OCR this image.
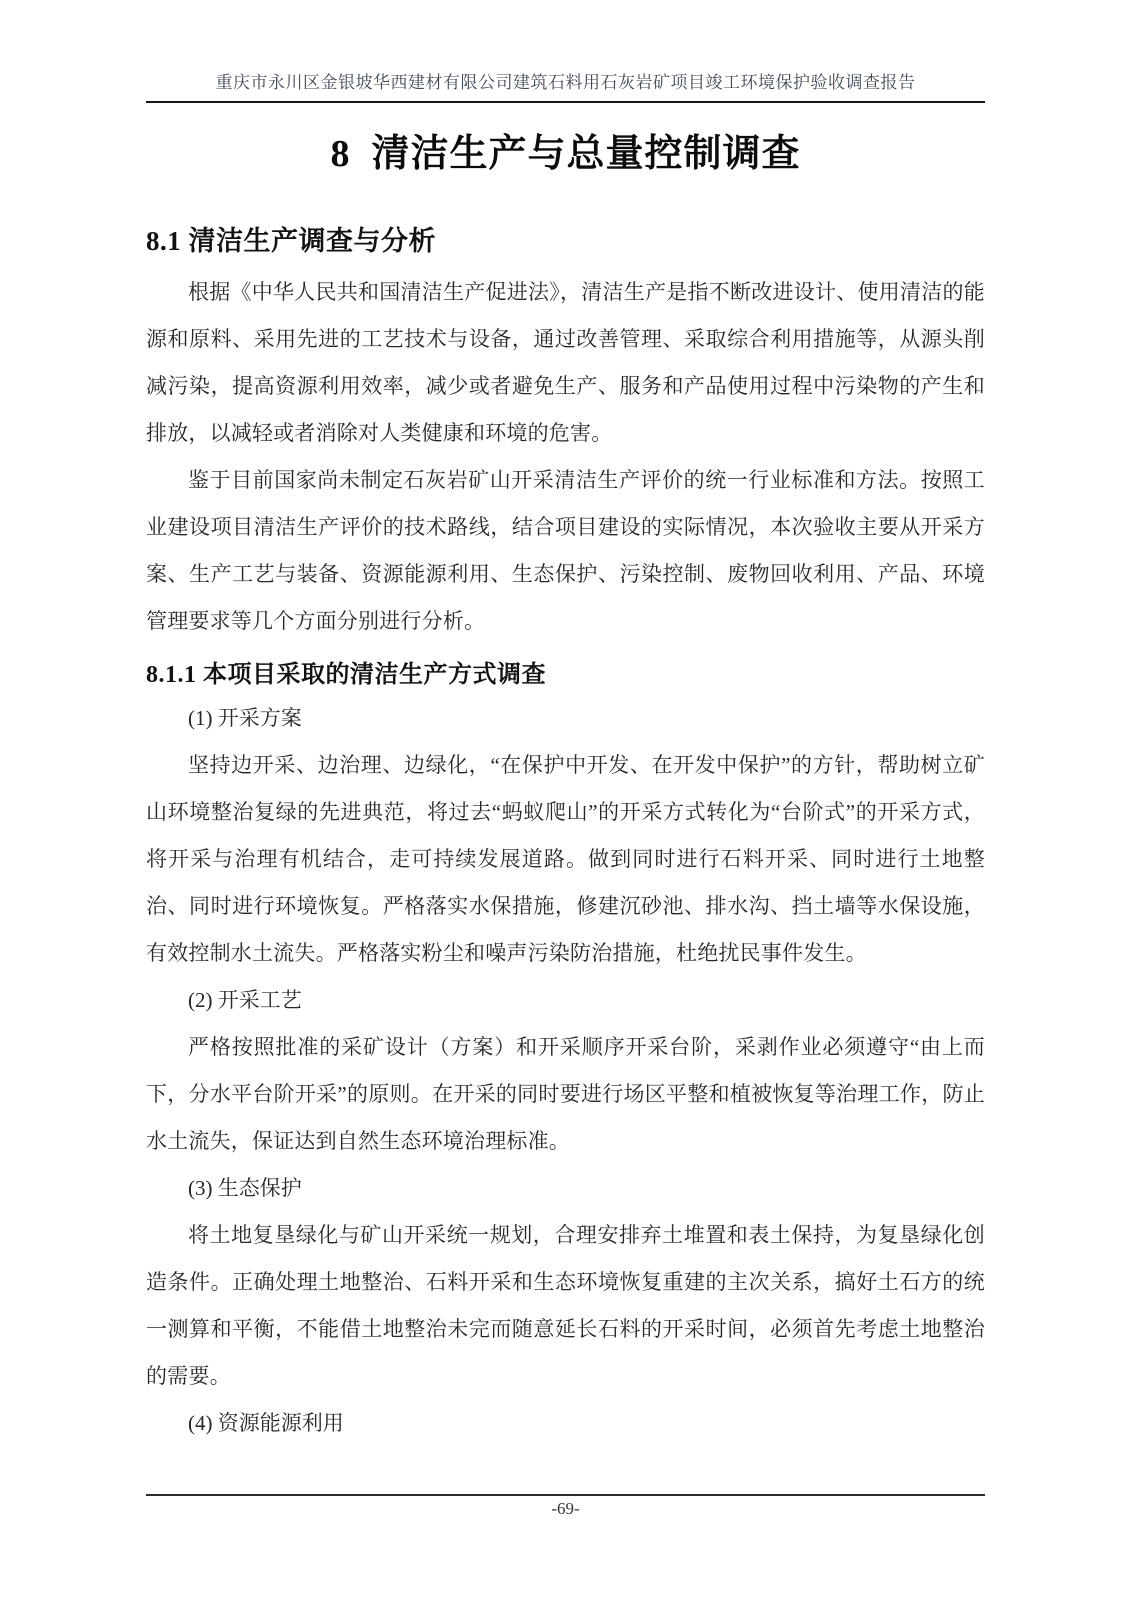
重庆市永川区金银坡华西建材有限公司建筑石料用石灰岩矿项目竣工环境保护验收调查报告
8  清洁生产与总量控制调查
8.1 清洁生产调查与分析

根据《中华人民共和国清洁生产促进法》，清洁生产是指不断改进设计、使用清洁的能源和原料、采用先进的工艺技术与设备，通过改善管理、采取综合利用措施等，从源头削减污染，提高资源利用效率，减少或者避免生产、服务和产品使用过程中污染物的产生和排放，以减轻或者消除对人类健康和环境的危害。

鉴于目前国家尚未制定石灰岩矿山开采清洁生产评价的统一行业标准和方法。按照工业建设项目清洁生产评价的技术路线，结合项目建设的实际情况，本次验收主要从开采方案、生产工艺与装备、资源能源利用、生态保护、污染控制、废物回收利用、产品、环境管理要求等几个方面分别进行分析。

8.1.1 本项目采取的清洁生产方式调查

(1) 开采方案

坚持边开采、边治理、边绿化，“在保护中开发、在开发中保护”的方针，帮助树立矿山环境整治复绿的先进典范，将过去“蚂蚁爬山”的开采方式转化为“台阶式”的开采方式，将开采与治理有机结合，走可持续发展道路。做到同时进行石料开采、同时进行土地整治、同时进行环境恢复。严格落实水保措施，修建沉砂池、排水沟、挡土墙等水保设施，有效控制水土流失。严格落实粉尘和噪声污染防治措施，杜绝扰民事件发生。

(2) 开采工艺

严格按照批准的采矿设计（方案）和开采顺序开采台阶，采剥作业必须遵守“由上而下，分水平台阶开采”的原则。在开采的同时要进行场区平整和植被恢复等治理工作，防止水土流失，保证达到自然生态环境治理标准。

(3) 生态保护

将土地复垦绿化与矿山开采统一规划，合理安排弃土堆置和表土保持，为复垦绿化创造条件。正确处理土地整治、石料开采和生态环境恢复重建的主次关系，搞好土石方的统一测算和平衡，不能借土地整治未完而随意延长石料的开采时间，必须首先考虑土地整治的需要。

(4) 资源能源利用

-69-
